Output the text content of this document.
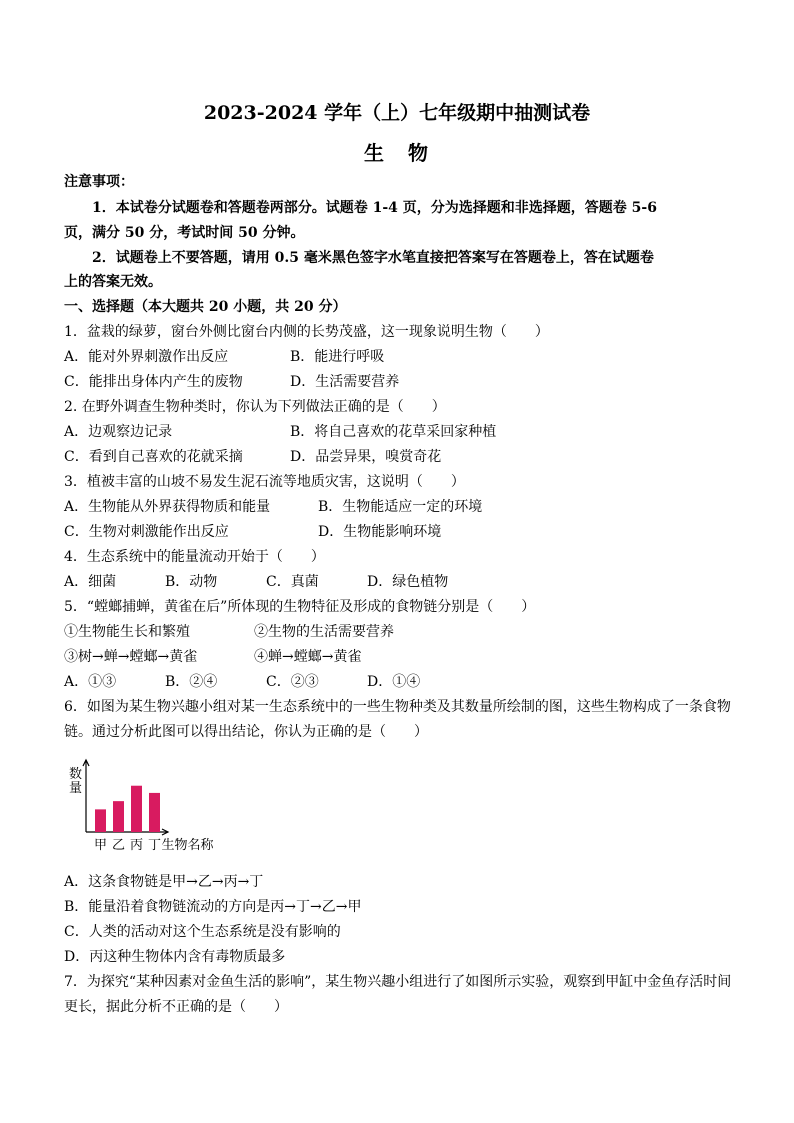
2023-2024 学年（上）七年级期中抽测试卷
生　物
注意事项：
1．本试卷分试题卷和答题卷两部分。试题卷 1-4 页，分为选择题和非选择题，答题卷 5-6
页，满分 50 分，考试时间 50 分钟。
2．试题卷上不要答题，请用 0.5 毫米黑色签字水笔直接把答案写在答题卷上，答在试题卷
上的答案无效。
一、选择题（本大题共 20 小题，共 20 分）
1．盆栽的绿萝，窗台外侧比窗台内侧的长势茂盛，这一现象说明生物（　　）
A．能对外界刺激作出反应	B．能进行呼吸
C．能排出身体内产生的废物	D．生活需要营养
2. 在野外调查生物种类时，你认为下列做法正确的是（　　）
A．边观察边记录	B．将自己喜欢的花草采回家种植
C．看到自己喜欢的花就采摘	D．品尝异果，嗅赏奇花
3．植被丰富的山坡不易发生泥石流等地质灾害，这说明（　　）
A．生物能从外界获得物质和能量	B．生物能适应一定的环境
C．生物对刺激能作出反应	D．生物能影响环境
4．生态系统中的能量流动开始于（　　）
A．细菌	B．动物	C．真菌	D．绿色植物
5．“螳螂捕蝉，黄雀在后”所体现的生物特征及形成的食物链分别是（　　）
①生物能生长和繁殖	②生物的生活需要营养
③树→蝉→螳螂→黄雀	④蝉→螳螂→黄雀
A．①③	B．②④	C．②③	D．①④
6．如图为某生物兴趣小组对某一生态系统中的一些生物种类及其数量所绘制的图，这些生物构成了一条食物
链。通过分析此图可以得出结论，你认为正确的是（　　）
数量
甲 乙 丙 丁 生物名称
A．这条食物链是甲→乙→丙→丁
B．能量沿着食物链流动的方向是丙→丁→乙→甲
C．人类的活动对这个生态系统是没有影响的
D．丙这种生物体内含有毒物质最多
7．为探究“某种因素对金鱼生活的影响”，某生物兴趣小组进行了如图所示实验，观察到甲缸中金鱼存活时间
更长，据此分析不正确的是（　　）
